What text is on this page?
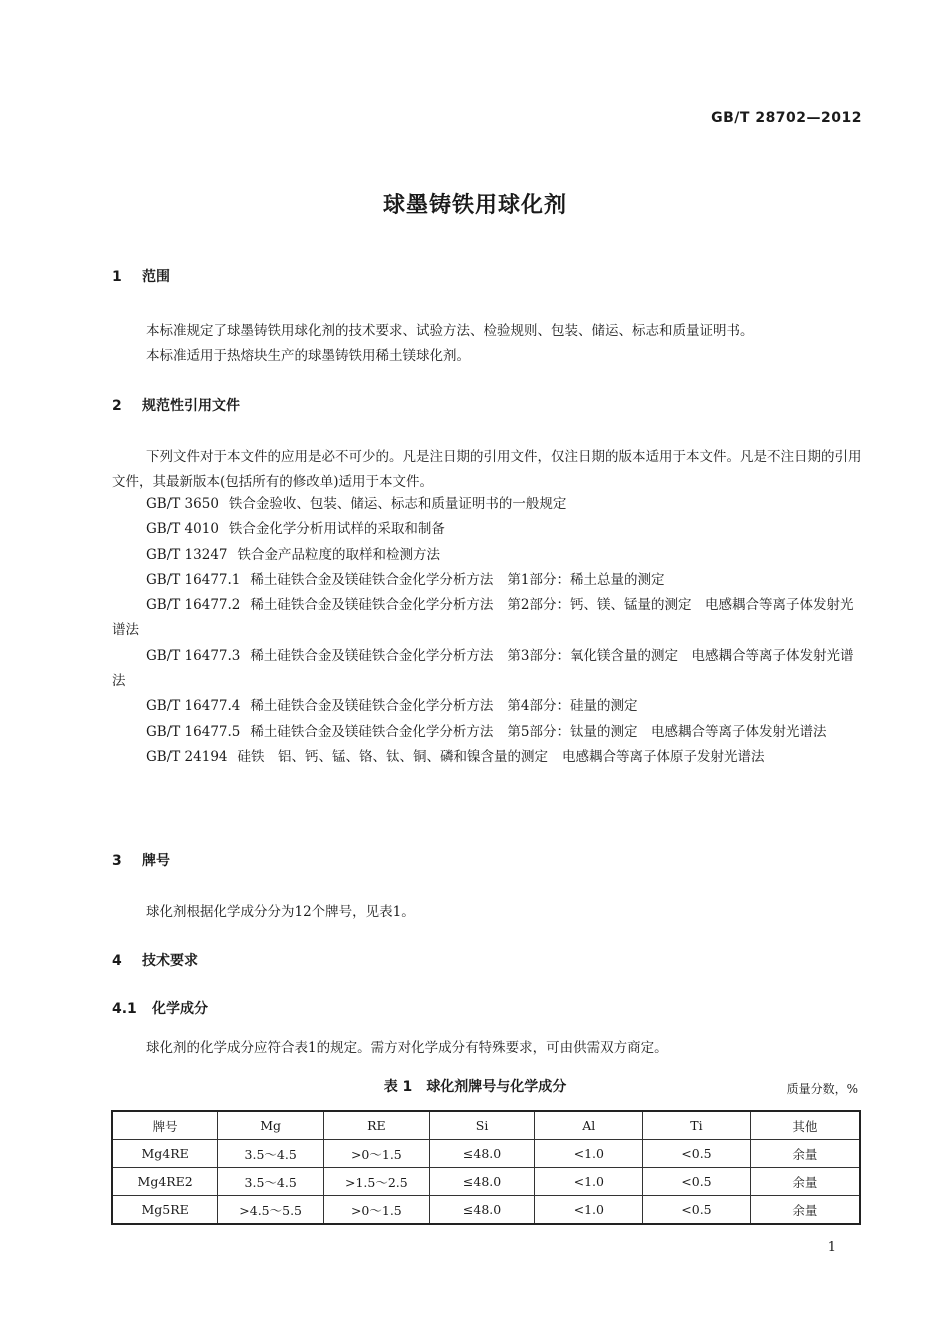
GB/T 28702—2012
球墨铸铁用球化剂
1 范围
本标准规定了球墨铸铁用球化剂的技术要求、试验方法、检验规则、包装、储运、标志和质量证明书。
本标准适用于热熔块生产的球墨铸铁用稀土镁球化剂。
2 规范性引用文件
下列文件对于本文件的应用是必不可少的。凡是注日期的引用文件，仅注日期的版本适用于本文件。凡是不注日期的引用文件，其最新版本(包括所有的修改单)适用于本文件。
GB/T 3650 铁合金验收、包装、储运、标志和质量证明书的一般规定
GB/T 4010 铁合金化学分析用试样的采取和制备
GB/T 13247 铁合金产品粒度的取样和检测方法
GB/T 16477.1 稀土硅铁合金及镁硅铁合金化学分析方法 第1部分：稀土总量的测定
GB/T 16477.2 稀土硅铁合金及镁硅铁合金化学分析方法 第2部分：钙、镁、锰量的测定　电感耦合等离子体发射光谱法
GB/T 16477.3 稀土硅铁合金及镁硅铁合金化学分析方法 第3部分：氧化镁含量的测定　电感耦合等离子体发射光谱法
GB/T 16477.4 稀土硅铁合金及镁硅铁合金化学分析方法 第4部分：硅量的测定
GB/T 16477.5 稀土硅铁合金及镁硅铁合金化学分析方法 第5部分：钛量的测定　电感耦合等离子体发射光谱法
GB/T 24194 硅铁　铝、钙、锰、铬、钛、铜、磷和镍含量的测定 电感耦合等离子体原子发射光谱法
3 牌号
球化剂根据化学成分分为12个牌号，见表1。
4 技术要求
4.1 化学成分
球化剂的化学成分应符合表1的规定。需方对化学成分有特殊要求，可由供需双方商定。
表 1 球化剂牌号与化学成分	质量分数，%
牌号	Mg	RE	Si	Al	Ti	其他
Mg4RE	3.5～4.5	>0～1.5	≤48.0	<1.0	<0.5	余量
Mg4RE2	3.5～4.5	>1.5～2.5	≤48.0	<1.0	<0.5	余量
Mg5RE	>4.5～5.5	>0～1.5	≤48.0	<1.0	<0.5	余量
1
